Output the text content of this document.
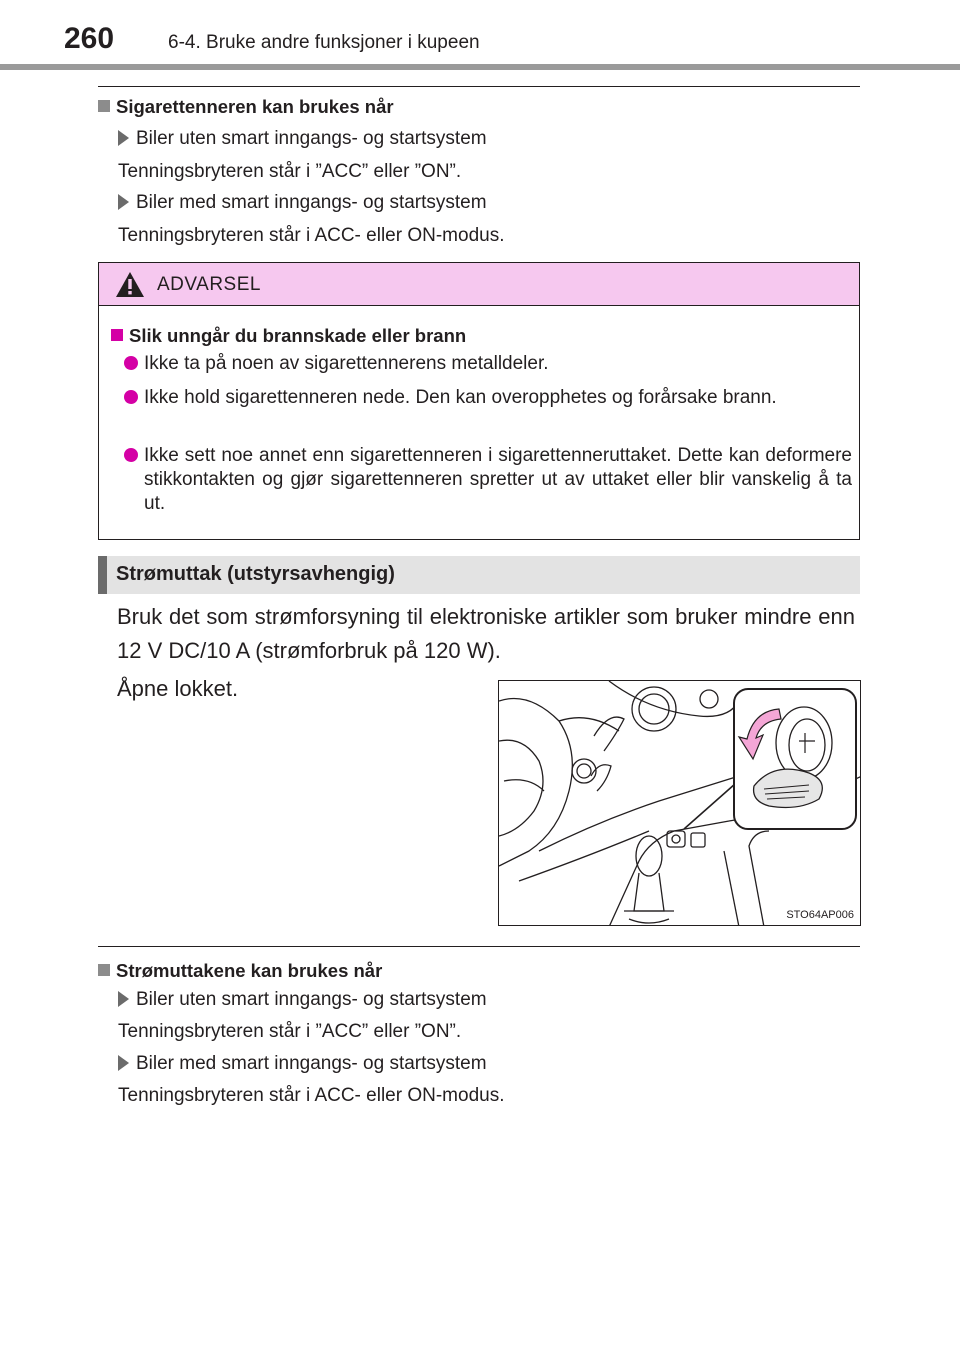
260	6-4. Bruke andre funksjoner i kupeen
Sigarettenneren kan brukes når
Biler uten smart inngangs- og startsystem
Tenningsbryteren står i ”ACC” eller ”ON”.
Biler med smart inngangs- og startsystem
Tenningsbryteren står i ACC- eller ON-modus.
ADVARSEL
Slik unngår du brannskade eller brann
Ikke ta på noen av sigarettennerens metalldeler.
Ikke hold sigarettenneren nede. Den kan overopphetes og forårsake brann.
Ikke sett noe annet enn sigarettenneren i sigarettenneruttaket. Dette kan deformere stikkontakten og gjør sigarettenneren spretter ut av uttaket eller blir vanskelig å ta ut.
Strømuttak (utstyrsavhengig)
Bruk det som strømforsyning til elektroniske artikler som bruker mindre enn 12 V DC/10 A (strømforbruk på 120 W).
Åpne lokket.
STO64AP006
Strømuttakene kan brukes når
Biler uten smart inngangs- og startsystem
Tenningsbryteren står i ”ACC” eller ”ON”.
Biler med smart inngangs- og startsystem
Tenningsbryteren står i ACC- eller ON-modus.
